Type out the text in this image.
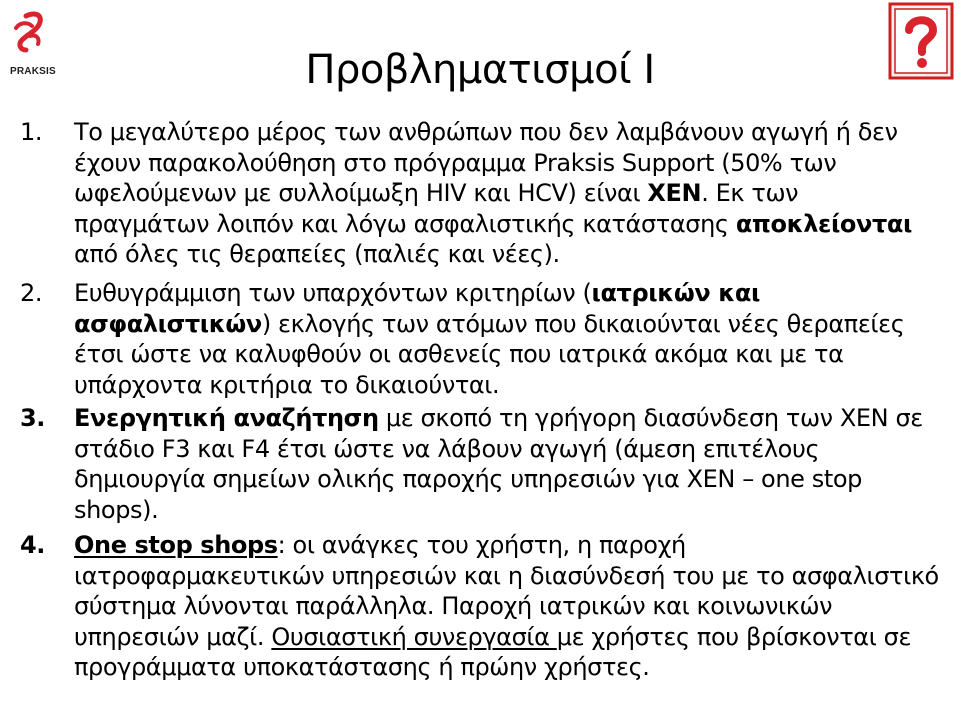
PRAKSIS	Προβληματισμοί Ι
1. Το μεγαλύτερο μέρος των ανθρώπων που δεν λαμβάνουν αγωγή ή δεν έχουν παρακολούθηση στο πρόγραμμα Praksis Support (50% των ωφελούμενων με συλλοίμωξη HIV και HCV) είναι ΧΕΝ. Εκ των πραγμάτων λοιπόν και λόγω ασφαλιστικής κατάστασης αποκλείονται από όλες τις θεραπείες (παλιές και νέες).
2. Ευθυγράμμιση των υπαρχόντων κριτηρίων (ιατρικών και ασφαλιστικών) εκλογής των ατόμων που δικαιούνται νέες θεραπείες έτσι ώστε να καλυφθούν οι ασθενείς που ιατρικά ακόμα και με τα υπάρχοντα κριτήρια το δικαιούνται.
3. Ενεργητική αναζήτηση με σκοπό τη γρήγορη διασύνδεση των ΧΕΝ σε στάδιο F3 και F4 έτσι ώστε να λάβουν αγωγή (άμεση επιτέλους δημιουργία σημείων ολικής παροχής υπηρεσιών για ΧΕΝ – one stop shops).
4. One stop shops: οι ανάγκες του χρήστη, η παροχή ιατροφαρμακευτικών υπηρεσιών και η διασύνδεσή του με το ασφαλιστικό σύστημα λύνονται παράλληλα. Παροχή ιατρικών και κοινωνικών υπηρεσιών μαζί. Ουσιαστική συνεργασία με χρήστες που βρίσκονται σε προγράμματα υποκατάστασης ή πρώην χρήστες.
